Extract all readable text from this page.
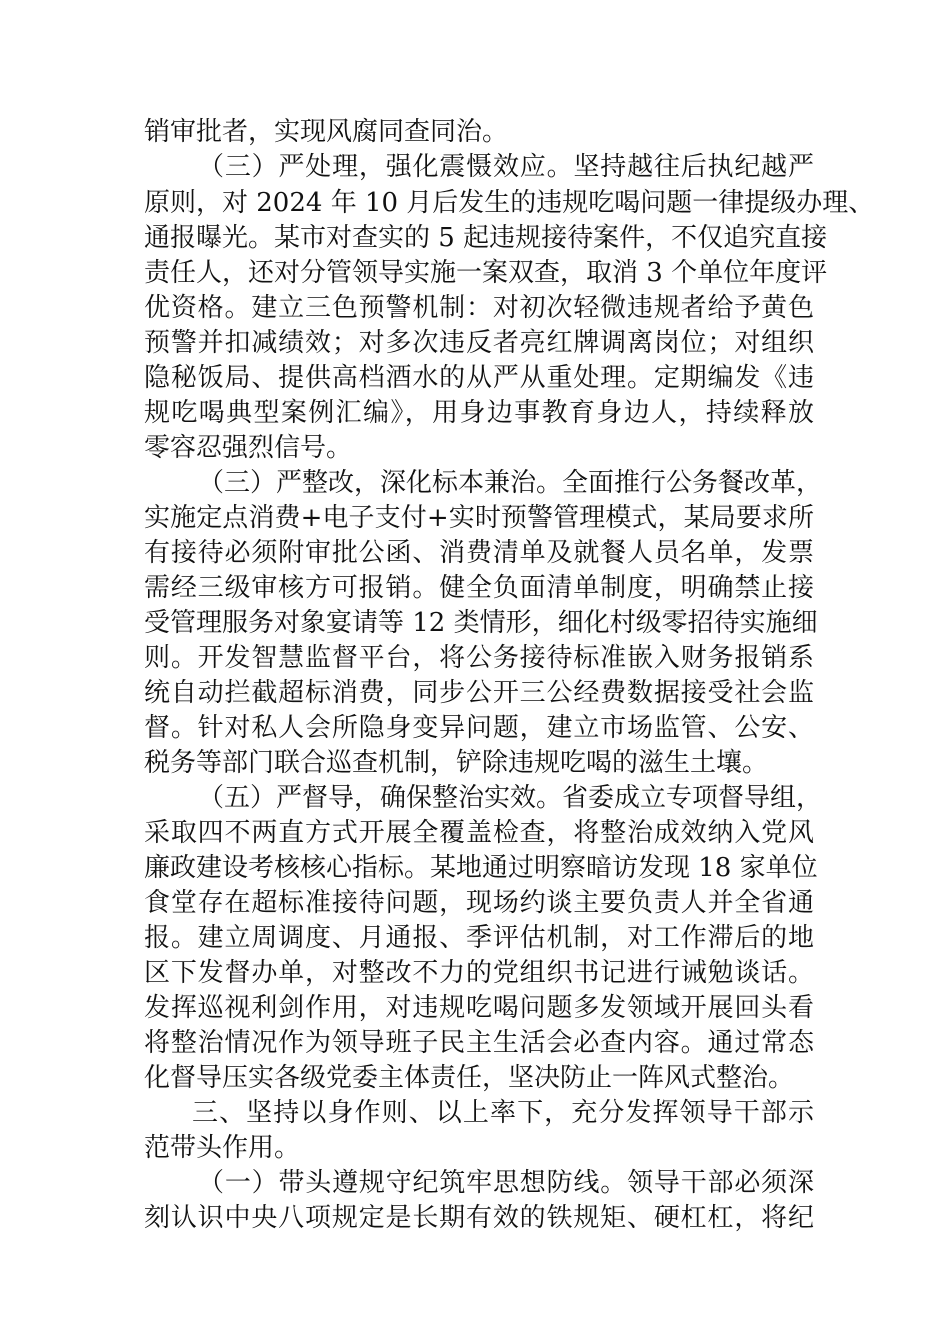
销审批者，实现风腐同查同治。
（三）严处理，强化震慑效应。坚持越往后执纪越严
原则，对 2024 年 10 月后发生的违规吃喝问题一律提级办理、
通报曝光。某市对查实的 5 起违规接待案件，不仅追究直接
责任人，还对分管领导实施一案双查，取消 3 个单位年度评
优资格。建立三色预警机制：对初次轻微违规者给予黄色
预警并扣减绩效；对多次违反者亮红牌调离岗位；对组织
隐秘饭局、提供高档酒水的从严从重处理。定期编发《违
规吃喝典型案例汇编》，用身边事教育身边人，持续释放
零容忍强烈信号。
（三）严整改，深化标本兼治。全面推行公务餐改革，
实施定点消费+电子支付+实时预警管理模式，某局要求所
有接待必须附审批公函、消费清单及就餐人员名单，发票
需经三级审核方可报销。健全负面清单制度，明确禁止接
受管理服务对象宴请等 12 类情形，细化村级零招待实施细
则。开发智慧监督平台，将公务接待标准嵌入财务报销系
统自动拦截超标消费，同步公开三公经费数据接受社会监
督。针对私人会所隐身变异问题，建立市场监管、公安、
税务等部门联合巡查机制，铲除违规吃喝的滋生土壤。
（五）严督导，确保整治实效。省委成立专项督导组，
采取四不两直方式开展全覆盖检查，将整治成效纳入党风
廉政建设考核核心指标。某地通过明察暗访发现 18 家单位
食堂存在超标准接待问题，现场约谈主要负责人并全省通
报。建立周调度、月通报、季评估机制，对工作滞后的地
区下发督办单，对整改不力的党组织书记进行诫勉谈话。
发挥巡视利剑作用，对违规吃喝问题多发领域开展回头看
将整治情况作为领导班子民主生活会必查内容。通过常态
化督导压实各级党委主体责任，坚决防止一阵风式整治。
三、坚持以身作则、以上率下，充分发挥领导干部示
范带头作用。
（一）带头遵规守纪筑牢思想防线。领导干部必须深
刻认识中央八项规定是长期有效的铁规矩、硬杠杠，将纪
